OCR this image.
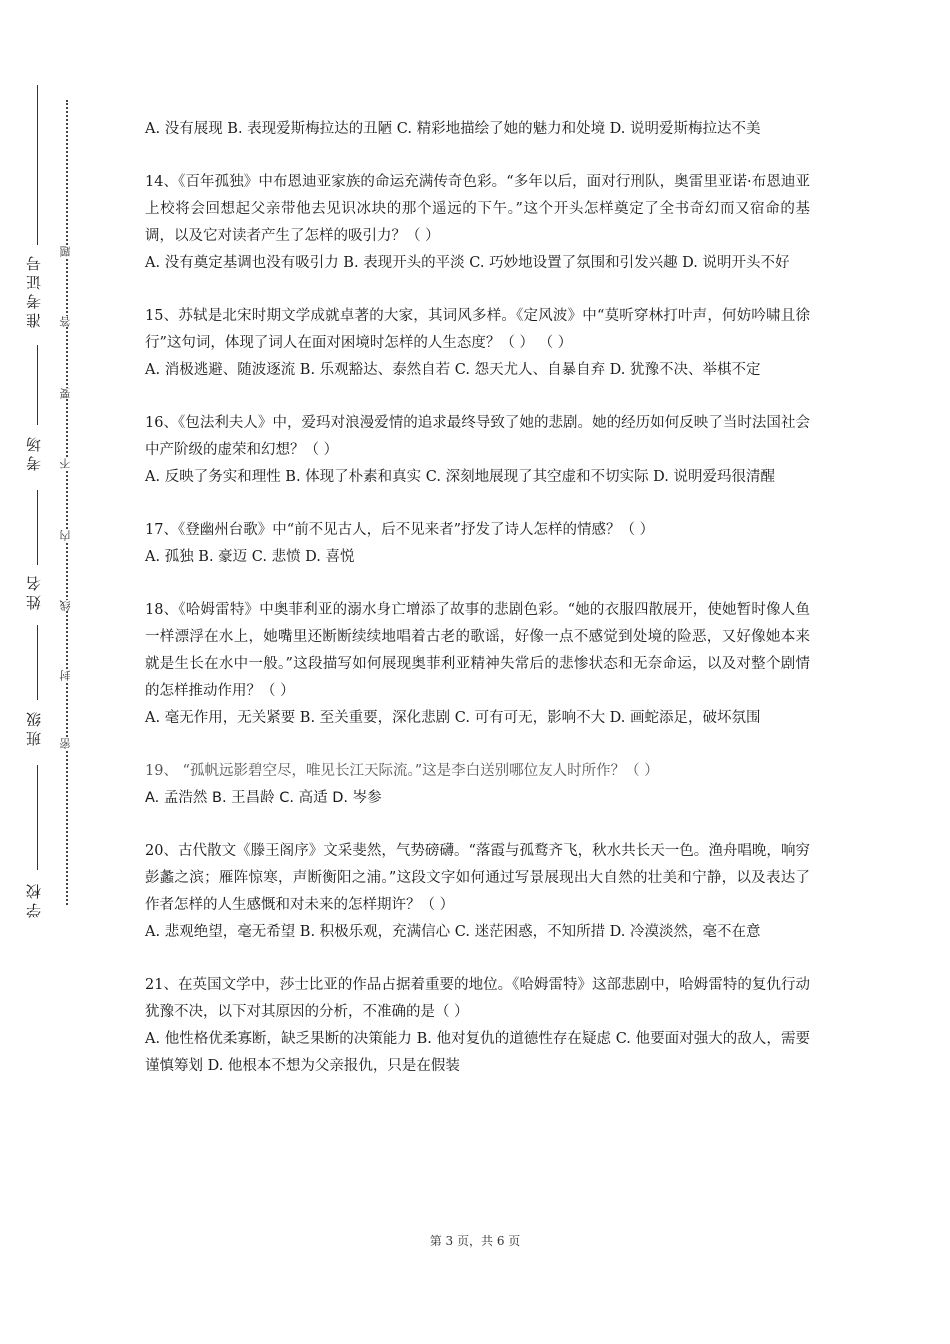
学校
班级
姓名
考场
准考证号
密
封
线
内
不
要
答
题

A. 没有展现 B. 表现爱斯梅拉达的丑陋 C. 精彩地描绘了她的魅力和处境 D. 说明爱斯梅拉达不美

14、《百年孤独》中布恩迪亚家族的命运充满传奇色彩。“多年以后，面对行刑队，奥雷里亚诺·布恩迪亚上校将会回想起父亲带他去见识冰块的那个遥远的下午。”这个开头怎样奠定了全书奇幻而又宿命的基调，以及它对读者产生了怎样的吸引力？（ ）

A. 没有奠定基调也没有吸引力 B. 表现开头的平淡 C. 巧妙地设置了氛围和引发兴趣 D. 说明开头不好

15、苏轼是北宋时期文学成就卓著的大家，其词风多样。《定风波》中“莫听穿林打叶声，何妨吟啸且徐行”这句词，体现了词人在面对困境时怎样的人生态度？（ ） （ ）

A. 消极逃避、随波逐流 B. 乐观豁达、泰然自若 C. 怨天尤人、自暴自弃 D. 犹豫不决、举棋不定

16、《包法利夫人》中，爱玛对浪漫爱情的追求最终导致了她的悲剧。她的经历如何反映了当时法国社会中产阶级的虚荣和幻想？（ ）

A. 反映了务实和理性 B. 体现了朴素和真实 C. 深刻地展现了其空虚和不切实际 D. 说明爱玛很清醒

17、《登幽州台歌》中“前不见古人，后不见来者”抒发了诗人怎样的情感？（ ）

A. 孤独 B. 豪迈 C. 悲愤 D. 喜悦

18、《哈姆雷特》中奥菲利亚的溺水身亡增添了故事的悲剧色彩。“她的衣服四散展开，使她暂时像人鱼一样漂浮在水上，她嘴里还断断续续地唱着古老的歌谣，好像一点不感觉到处境的险恶，又好像她本来就是生长在水中一般。”这段描写如何展现奥菲利亚精神失常后的悲惨状态和无奈命运，以及对整个剧情的怎样推动作用？（ ）

A. 毫无作用，无关紧要 B. 至关重要，深化悲剧 C. 可有可无，影响不大 D. 画蛇添足，破坏氛围

19、 “孤帆远影碧空尽，唯见长江天际流。”这是李白送别哪位友人时所作？（ ）

A. 孟浩然 B. 王昌龄 C. 高适 D. 岑参

20、古代散文《滕王阁序》文采斐然，气势磅礴。“落霞与孤鹜齐飞，秋水共长天一色。渔舟唱晚，响穷彭蠡之滨；雁阵惊寒，声断衡阳之浦。”这段文字如何通过写景展现出大自然的壮美和宁静，以及表达了作者怎样的人生感慨和对未来的怎样期许？（ ）

A. 悲观绝望，毫无希望 B. 积极乐观，充满信心 C. 迷茫困惑，不知所措 D. 冷漠淡然，毫不在意

21、在英国文学中，莎士比亚的作品占据着重要的地位。《哈姆雷特》这部悲剧中，哈姆雷特的复仇行动犹豫不决，以下对其原因的分析，不准确的是（ ）

A. 他性格优柔寡断，缺乏果断的决策能力 B. 他对复仇的道德性存在疑虑 C. 他要面对强大的敌人，需要谨慎筹划 D. 他根本不想为父亲报仇，只是在假装

第 3 页，共 6 页
